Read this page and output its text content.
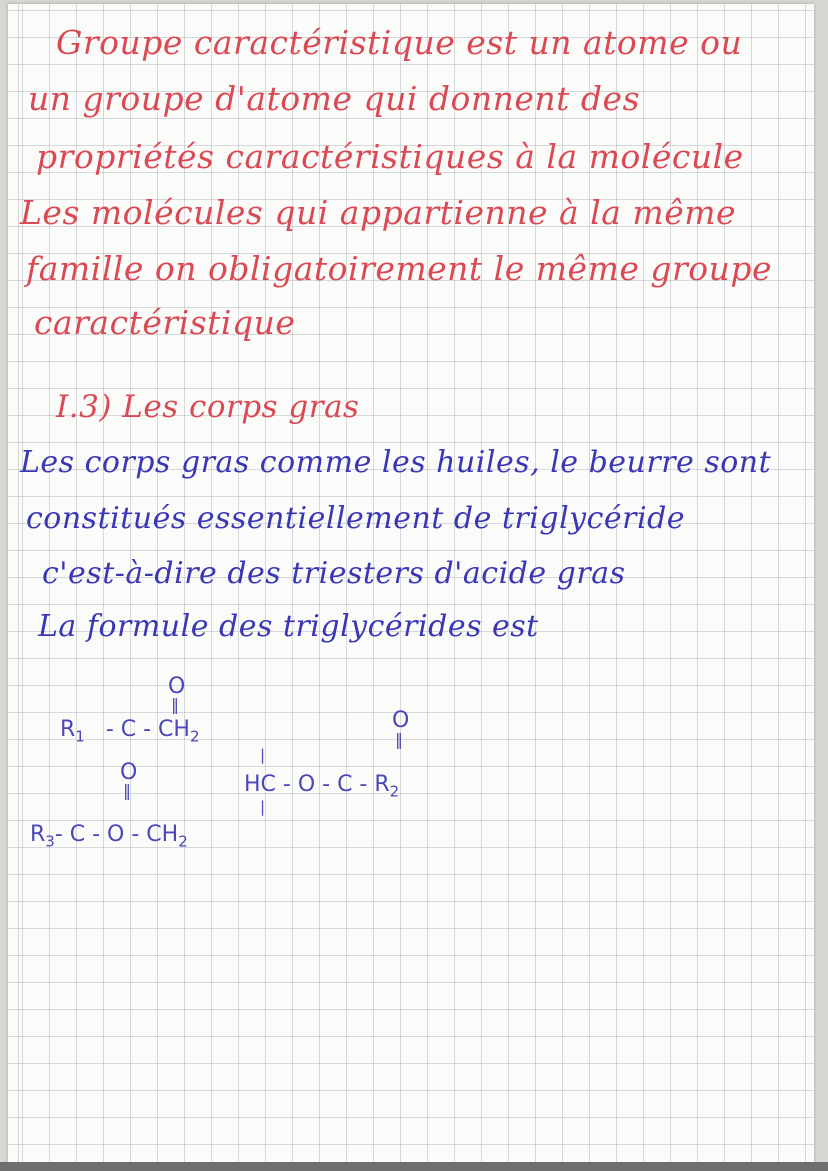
Groupe caractéristique est un atome ou
un groupe d'atome qui donnent des
propriétés caractéristiques à la molécule
Les molécules qui appartienne à la même
famille on obligatoirement le même groupe
caractéristique
I.3) Les corps gras
Les corps gras comme les huiles, le beurre sont
constitués essentiellement de triglycéride
c'est-à-dire des triesters d'acide gras
La formule des triglycérides est
O
‖
O
‖
$R_1$ - C - $CH_2$
|
O
‖	HC - O - C - $R_2$
|
$R_3-$ C - O - $CH_2$
